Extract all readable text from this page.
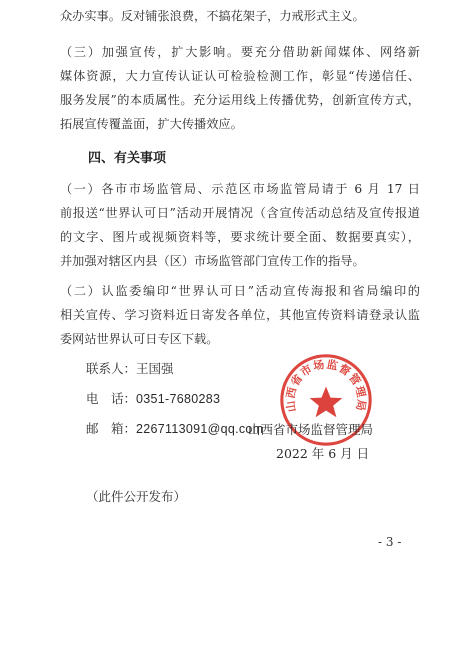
众办实事。反对铺张浪费，不搞花架子，力戒形式主义。
（三）加强宣传，扩大影响。要充分借助新闻媒体、网络新
媒体资源，大力宣传认证认可检验检测工作，彰显“传递信任、
服务发展”的本质属性。充分运用线上传播优势，创新宣传方式，
拓展宣传覆盖面，扩大传播效应。
四、有关事项
（一）各市市场监管局、示范区市场监管局请于 6 月 17 日
前报送“世界认可日”活动开展情况（含宣传活动总结及宣传报道
的文字、图片或视频资料等，要求统计要全面、数据要真实），
并加强对辖区内县（区）市场监管部门宣传工作的指导。
（二）认监委编印“世界认可日”活动宣传海报和省局编印的
相关宣传、学习资料近日寄发各单位，其他宣传资料请登录认监
委网站世界认可日专区下载。
联系人：王国强
电　话：0351-7680283
邮　箱：2267113091@qq.com
山西省市场监督管理局
山西省市场监督管理局
2022 年 6 月 日
（此件公开发布）
- 3 -
